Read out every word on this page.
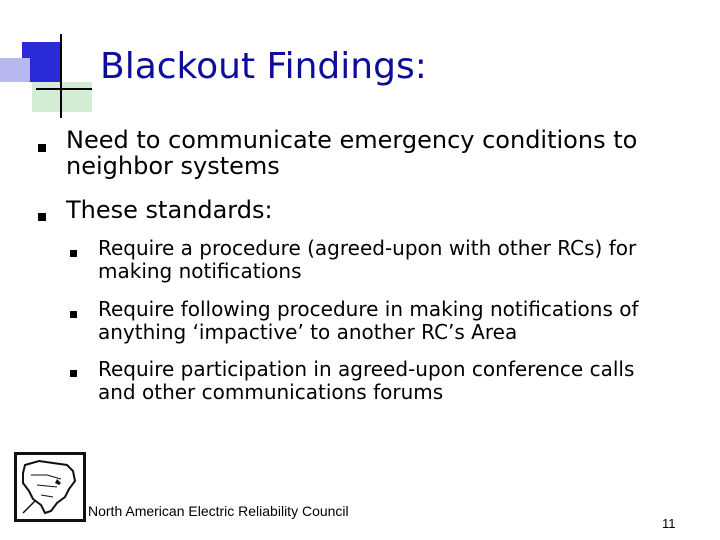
Blackout Findings:
Need to communicate emergency conditions to
neighbor systems
These standards:
Require a procedure (agreed-upon with other RCs) for
making notifications
Require following procedure in making notifications of
anything ‘impactive’ to another RC’s Area
Require participation in agreed-upon conference calls
and other communications forums
North American Electric Reliability Council
11
